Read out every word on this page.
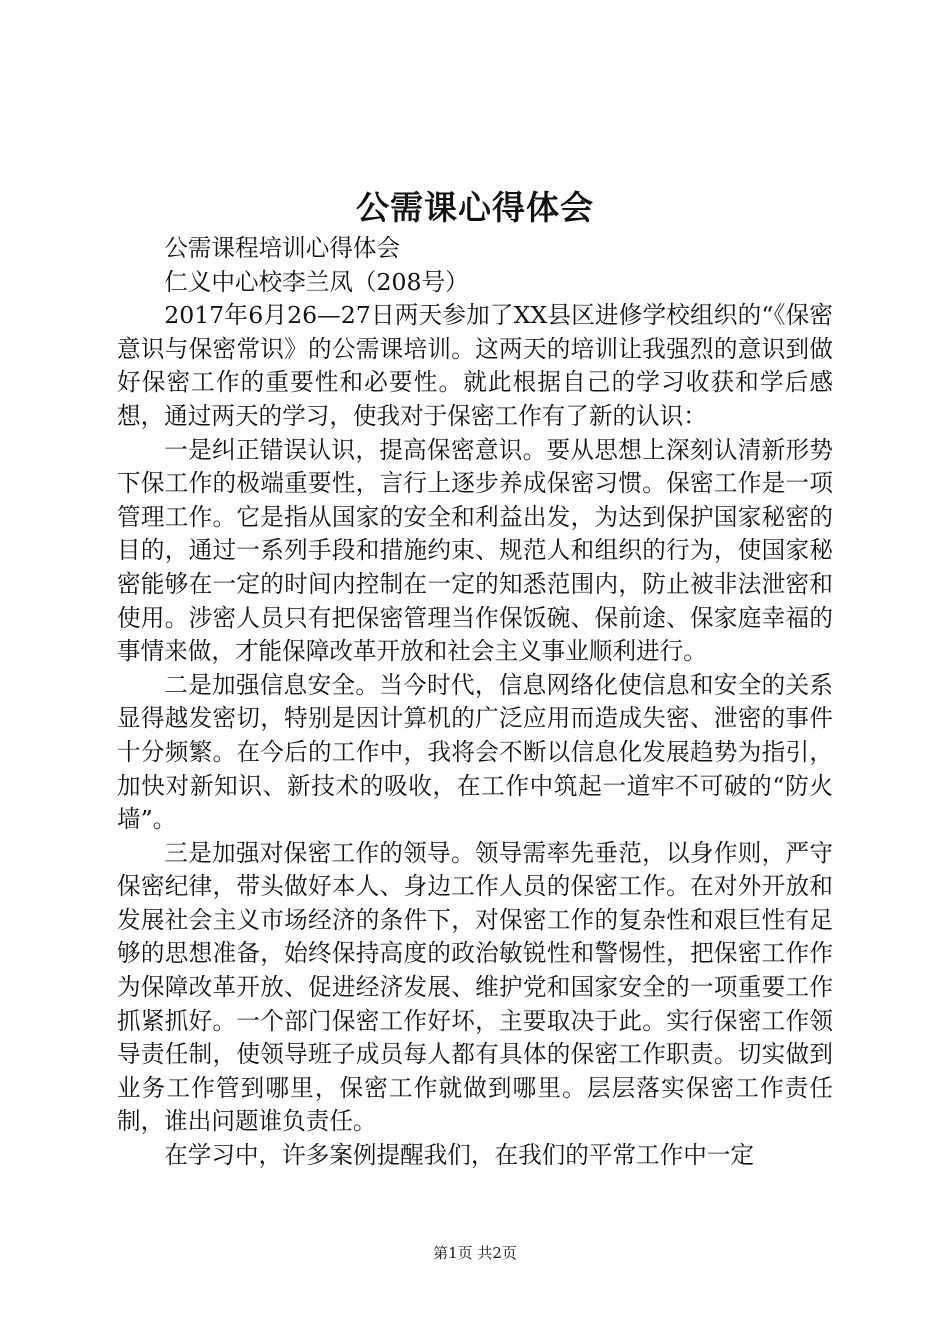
公需课心得体会

公需课程培训心得体会

仁义中心校李兰凤（208号）

2017年6月26—27日两天参加了XX县区进修学校组织的“《保密意识与保密常识》的公需课培训。这两天的培训让我强烈的意识到做好保密工作的重要性和必要性。就此根据自己的学习收获和学后感想，通过两天的学习，使我对于保密工作有了新的认识：

一是纠正错误认识，提高保密意识。要从思想上深刻认清新形势下保工作的极端重要性，言行上逐步养成保密习惯。保密工作是一项管理工作。它是指从国家的安全和利益出发，为达到保护国家秘密的目的，通过一系列手段和措施约束、规范人和组织的行为，使国家秘密能够在一定的时间内控制在一定的知悉范围内，防止被非法泄密和使用。涉密人员只有把保密管理当作保饭碗、保前途、保家庭幸福的事情来做，才能保障改革开放和社会主义事业顺利进行。

二是加强信息安全。当今时代，信息网络化使信息和安全的关系显得越发密切，特别是因计算机的广泛应用而造成失密、泄密的事件十分频繁。在今后的工作中，我将会不断以信息化发展趋势为指引，加快对新知识、新技术的吸收，在工作中筑起一道牢不可破的“防火墙”。

三是加强对保密工作的领导。领导需率先垂范，以身作则，严守保密纪律，带头做好本人、身边工作人员的保密工作。在对外开放和发展社会主义市场经济的条件下，对保密工作的复杂性和艰巨性有足够的思想准备，始终保持高度的政治敏锐性和警惕性，把保密工作作为保障改革开放、促进经济发展、维护党和国家安全的一项重要工作抓紧抓好。一个部门保密工作好坏，主要取决于此。实行保密工作领导责任制，使领导班子成员每人都有具体的保密工作职责。切实做到业务工作管到哪里，保密工作就做到哪里。层层落实保密工作责任制，谁出问题谁负责任。

在学习中，许多案例提醒我们，在我们的平常工作中一定

第1页 共2页
